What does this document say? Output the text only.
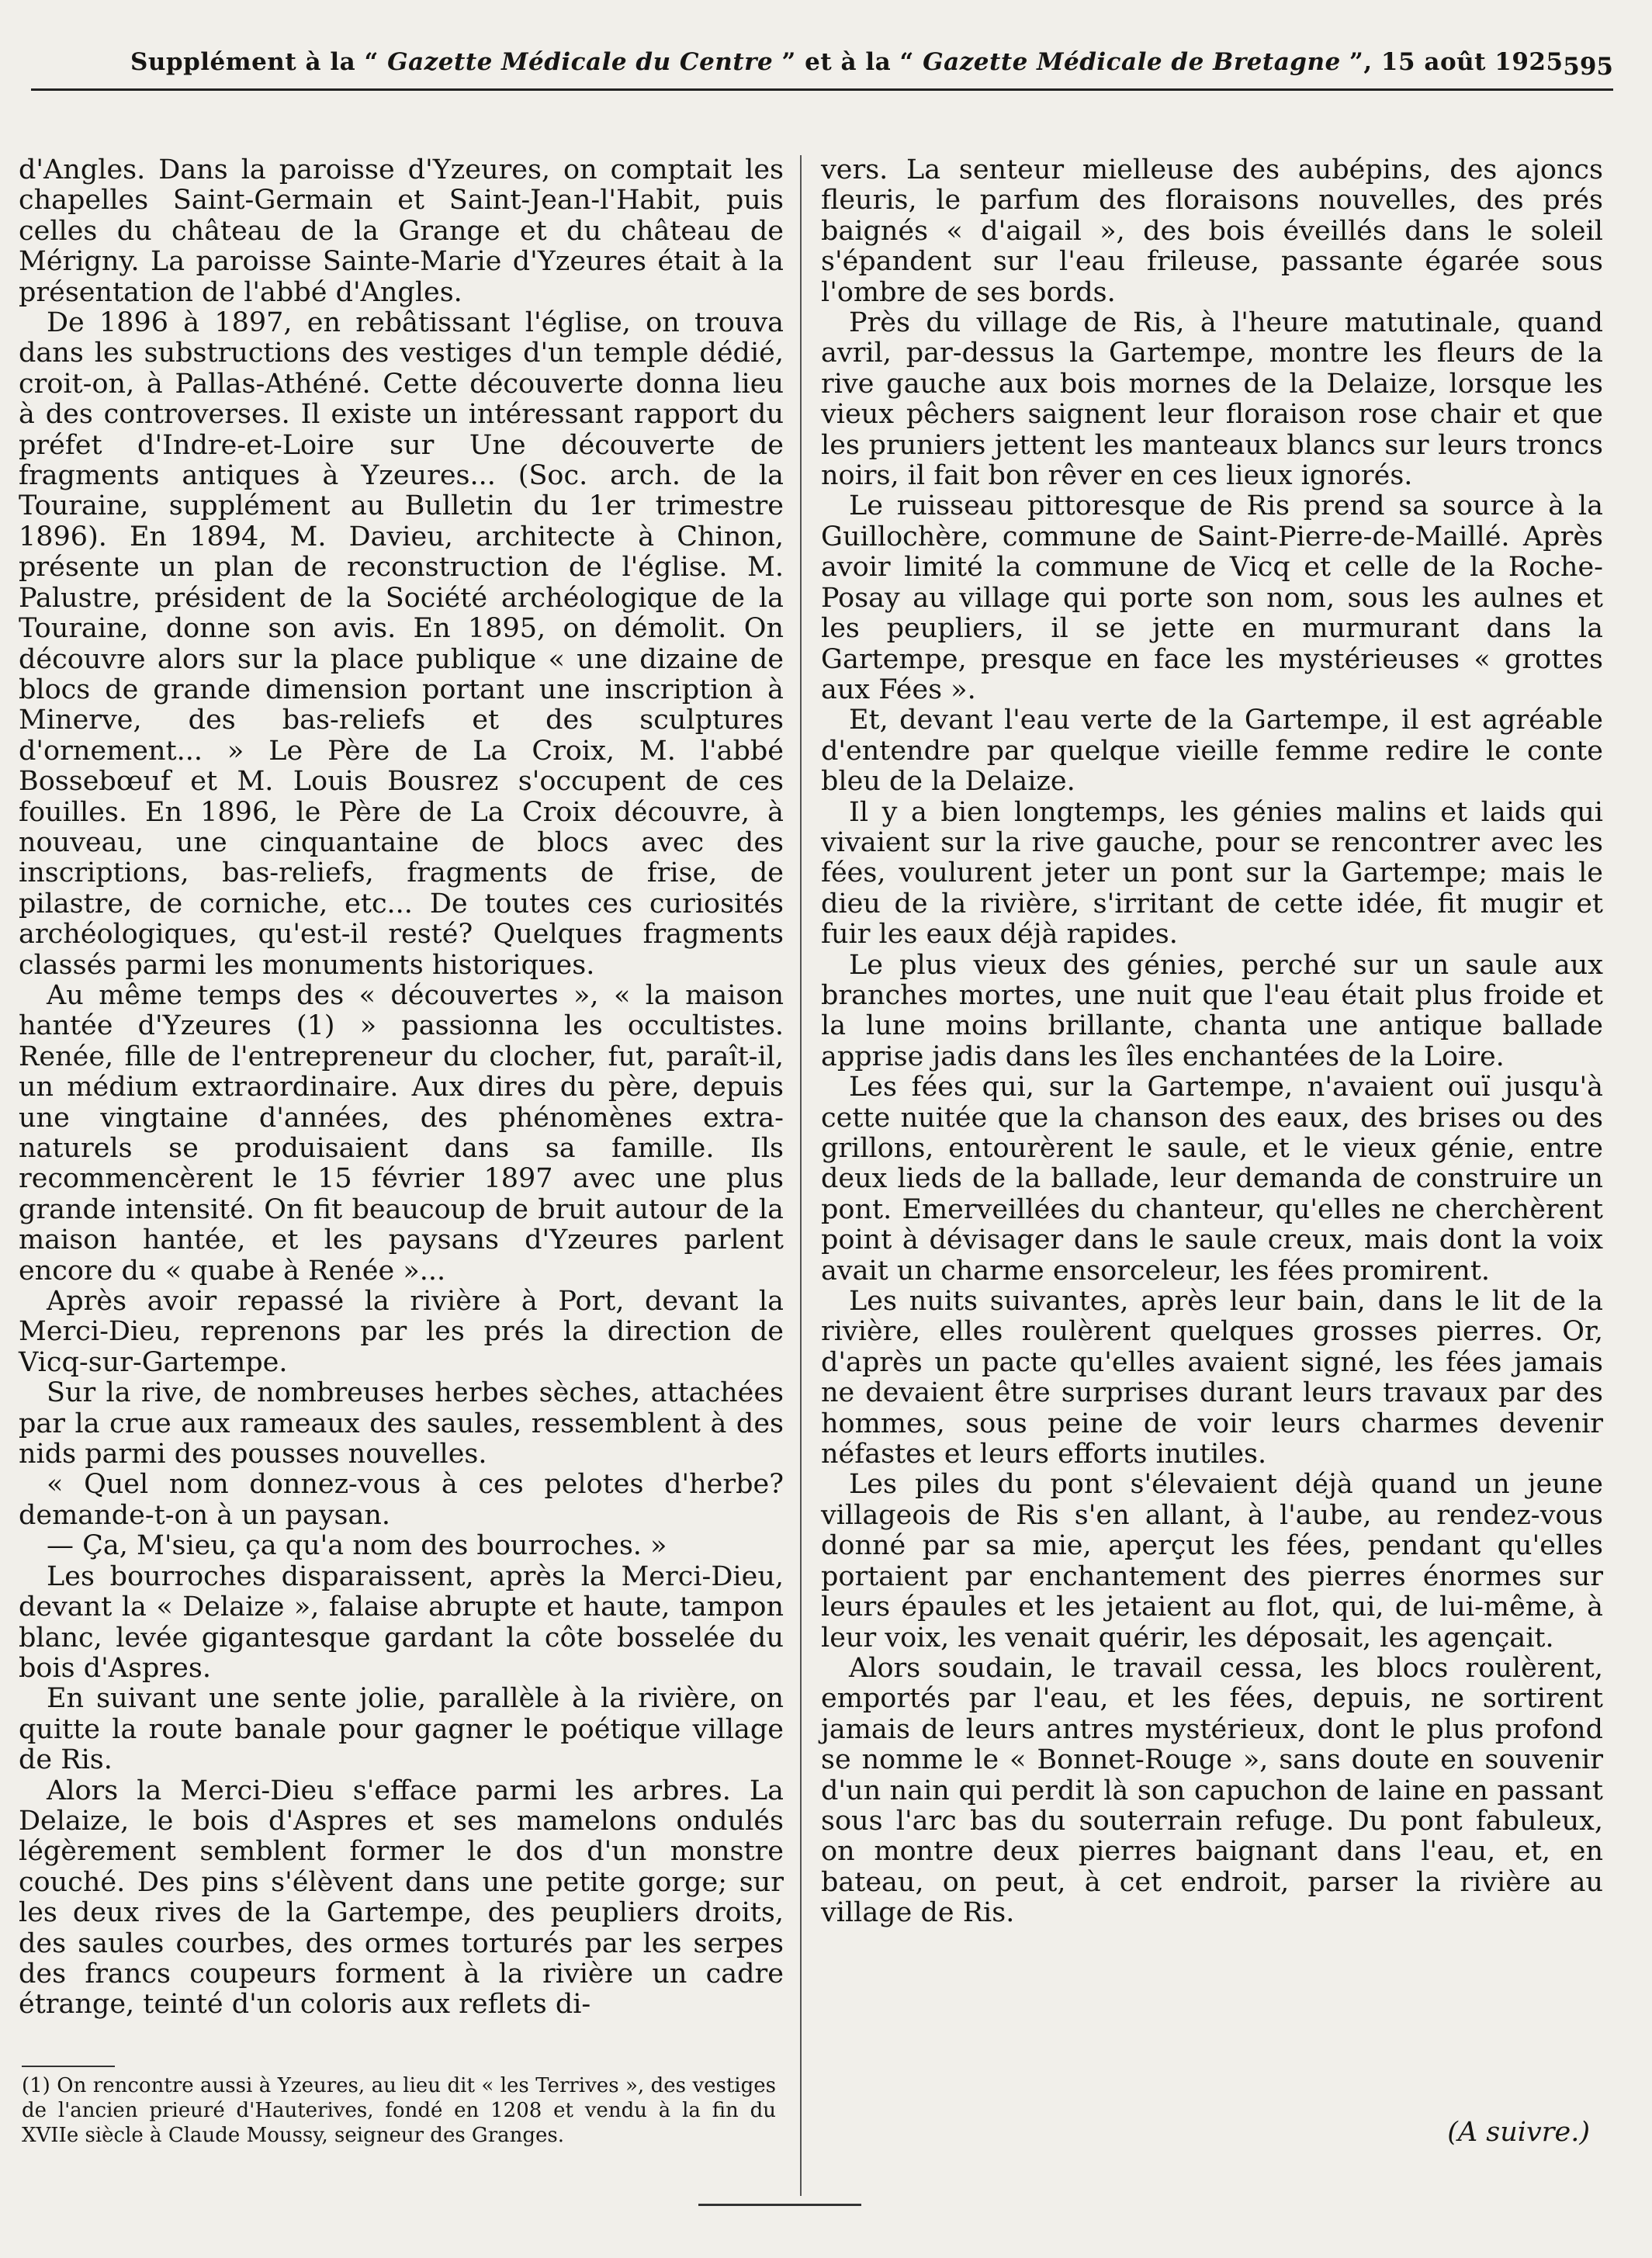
Supplément à la “ Gazette Médicale du Centre ” et à la “ Gazette Médicale de Bretagne ”, 15 août 1925 595

d'Angles. Dans la paroisse d'Yzeures, on comptait les chapelles Saint-Germain et Saint-Jean-l'Habit, puis celles du château de la Grange et du château de Mérigny. La paroisse Sainte-Marie d'Yzeures était à la présentation de l'abbé d'Angles.

De 1896 à 1897, en rebâtissant l'église, on trouva dans les substructions des vestiges d'un temple dédié, croit-on, à Pallas-Athéné. Cette découverte donna lieu à des controverses. Il existe un intéressant rapport du préfet d'Indre-et-Loire sur Une découverte de fragments antiques à Yzeures... (Soc. arch. de la Touraine, supplément au Bulletin du 1er trimestre 1896). En 1894, M. Davieu, architecte à Chinon, présente un plan de reconstruction de l'église. M. Palustre, président de la Société archéologique de la Touraine, donne son avis. En 1895, on démolit. On découvre alors sur la place publique « une dizaine de blocs de grande dimension portant une inscription à Minerve, des bas-reliefs et des sculptures d'ornement... » Le Père de La Croix, M. l'abbé Bossebœuf et M. Louis Bousrez s'occupent de ces fouilles. En 1896, le Père de La Croix découvre, à nouveau, une cinquantaine de blocs avec des inscriptions, bas-reliefs, fragments de frise, de pilastre, de corniche, etc... De toutes ces curiosités archéologiques, qu'est-il resté? Quelques fragments classés parmi les monuments historiques.

Au même temps des « découvertes », « la maison hantée d'Yzeures (1) » passionna les occultistes. Renée, fille de l'entrepreneur du clocher, fut, paraît-il, un médium extraordinaire. Aux dires du père, depuis une vingtaine d'années, des phénomènes extra-naturels se produisaient dans sa famille. Ils recommencèrent le 15 février 1897 avec une plus grande intensité. On fit beaucoup de bruit autour de la maison hantée, et les paysans d'Yzeures parlent encore du « quabe à Renée »...

Après avoir repassé la rivière à Port, devant la Merci-Dieu, reprenons par les prés la direction de Vicq-sur-Gartempe.

Sur la rive, de nombreuses herbes sèches, attachées par la crue aux rameaux des saules, ressemblent à des nids parmi des pousses nouvelles.

« Quel nom donnez-vous à ces pelotes d'herbe? demande-t-on à un paysan.

— Ça, M'sieu, ça qu'a nom des bourroches. »

Les bourroches disparaissent, après la Merci-Dieu, devant la « Delaize », falaise abrupte et haute, tampon blanc, levée gigantesque gardant la côte bosselée du bois d'Aspres.

En suivant une sente jolie, parallèle à la rivière, on quitte la route banale pour gagner le poétique village de Ris.

Alors la Merci-Dieu s'efface parmi les arbres. La Delaize, le bois d'Aspres et ses mamelons ondulés légèrement semblent former le dos d'un monstre couché. Des pins s'élèvent dans une petite gorge; sur les deux rives de la Gartempe, des peupliers droits, des saules courbes, des ormes torturés par les serpes des francs coupeurs forment à la rivière un cadre étrange, teinté d'un coloris aux reflets di-

vers. La senteur mielleuse des aubépins, des ajoncs fleuris, le parfum des floraisons nouvelles, des prés baignés « d'aigail », des bois éveillés dans le soleil s'épandent sur l'eau frileuse, passante égarée sous l'ombre de ses bords.

Près du village de Ris, à l'heure matutinale, quand avril, par-dessus la Gartempe, montre les fleurs de la rive gauche aux bois mornes de la Delaize, lorsque les vieux pêchers saignent leur floraison rose chair et que les pruniers jettent les manteaux blancs sur leurs troncs noirs, il fait bon rêver en ces lieux ignorés.

Le ruisseau pittoresque de Ris prend sa source à la Guillochère, commune de Saint-Pierre-de-Maillé. Après avoir limité la commune de Vicq et celle de la Roche-Posay au village qui porte son nom, sous les aulnes et les peupliers, il se jette en murmurant dans la Gartempe, presque en face les mystérieuses « grottes aux Fées ».

Et, devant l'eau verte de la Gartempe, il est agréable d'entendre par quelque vieille femme redire le conte bleu de la Delaize.

Il y a bien longtemps, les génies malins et laids qui vivaient sur la rive gauche, pour se rencontrer avec les fées, voulurent jeter un pont sur la Gartempe; mais le dieu de la rivière, s'irritant de cette idée, fit mugir et fuir les eaux déjà rapides.

Le plus vieux des génies, perché sur un saule aux branches mortes, une nuit que l'eau était plus froide et la lune moins brillante, chanta une antique ballade apprise jadis dans les îles enchantées de la Loire.

Les fées qui, sur la Gartempe, n'avaient ouï jusqu'à cette nuitée que la chanson des eaux, des brises ou des grillons, entourèrent le saule, et le vieux génie, entre deux lieds de la ballade, leur demanda de construire un pont. Emerveillées du chanteur, qu'elles ne cherchèrent point à dévisager dans le saule creux, mais dont la voix avait un charme ensorceleur, les fées promirent.

Les nuits suivantes, après leur bain, dans le lit de la rivière, elles roulèrent quelques grosses pierres. Or, d'après un pacte qu'elles avaient signé, les fées jamais ne devaient être surprises durant leurs travaux par des hommes, sous peine de voir leurs charmes devenir néfastes et leurs efforts inutiles.

Les piles du pont s'élevaient déjà quand un jeune villageois de Ris s'en allant, à l'aube, au rendez-vous donné par sa mie, aperçut les fées, pendant qu'elles portaient par enchantement des pierres énormes sur leurs épaules et les jetaient au flot, qui, de lui-même, à leur voix, les venait quérir, les déposait, les agençait.

Alors soudain, le travail cessa, les blocs roulèrent, emportés par l'eau, et les fées, depuis, ne sortirent jamais de leurs antres mystérieux, dont le plus profond se nomme le « Bonnet-Rouge », sans doute en souvenir d'un nain qui perdit là son capuchon de laine en passant sous l'arc bas du souterrain refuge. Du pont fabuleux, on montre deux pierres baignant dans l'eau, et, en bateau, on peut, à cet endroit, parser la rivière au village de Ris.

(1) On rencontre aussi à Yzeures, au lieu dit « les Terrives », des vestiges de l'ancien prieuré d'Hauterives, fondé en 1208 et vendu à la fin du XVIIe siècle à Claude Moussy, seigneur des Granges.	(A suivre.)
